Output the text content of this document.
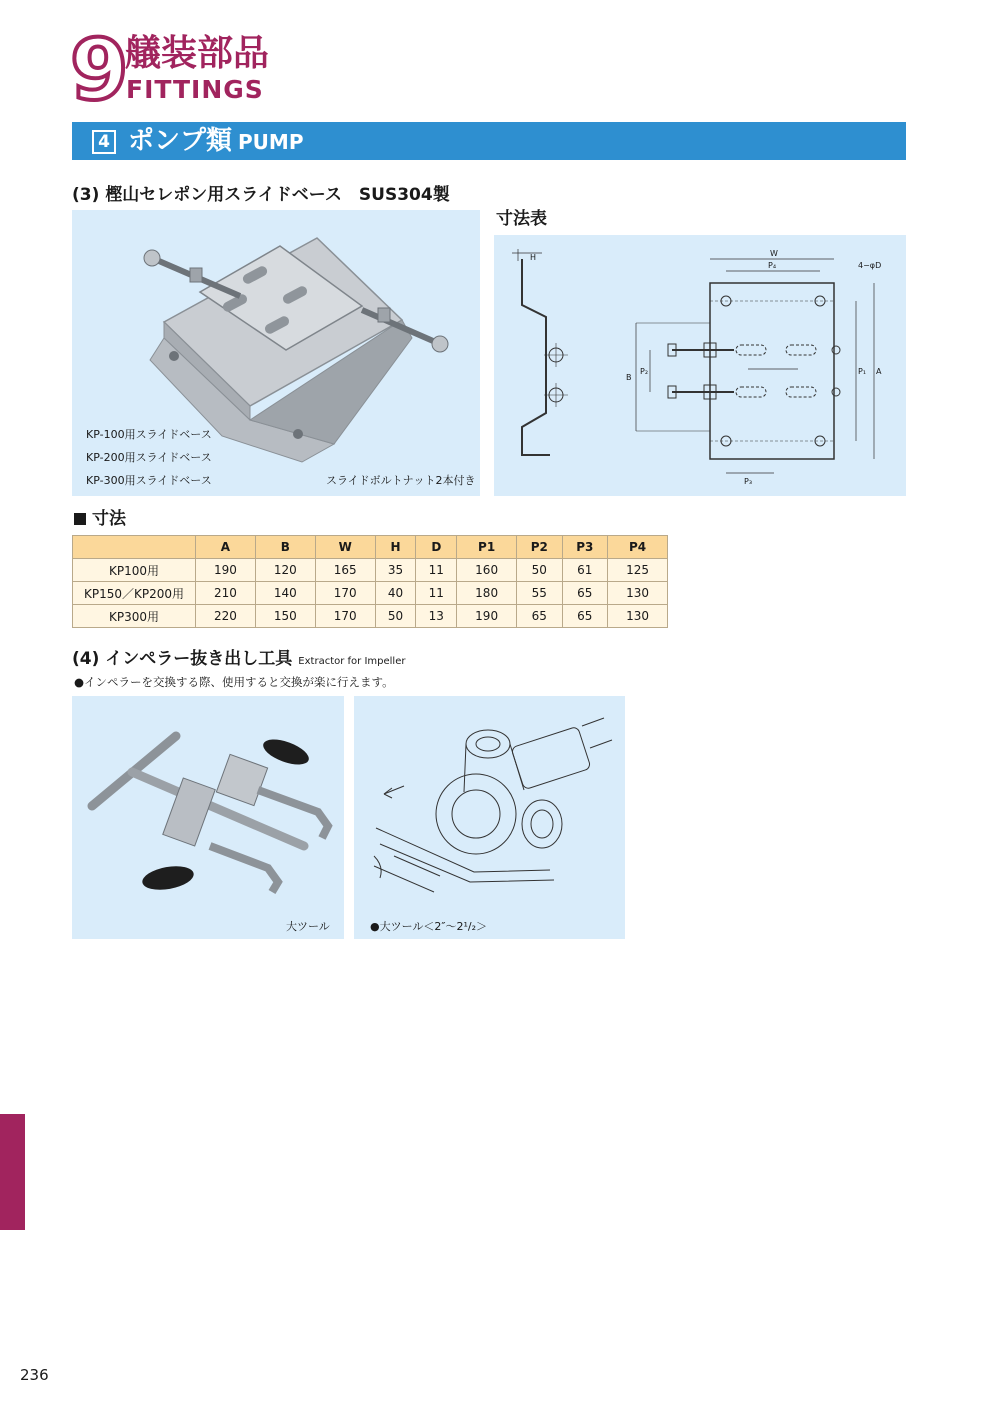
9
艤装部品
FITTINGS
4 ポンプ類 PUMP
(3) 樫山セレポン用スライドベース　SUS304製
寸法表
KP-100用スライドベース
KP-200用スライドベース
KP-300用スライドベース	スライドボルトナット2本付き
W
P₄	4−φD
B
P₂	P₁ A
H
P₃
寸法
	A	B	W	H	D	P1	P2	P3	P4
KP100用	190	120	165	35	11	160	50	61	125
KP150／KP200用	210	140	170	40	11	180	55	65	130
KP300用	220	150	170	50	13	190	65	65	130
(4) インペラー抜き出し工具 Extractor for Impeller
●インペラーを交換する際、使用すると交換が楽に行えます。
大ツール	●大ツール＜2″〜2¹/₂＞
236
